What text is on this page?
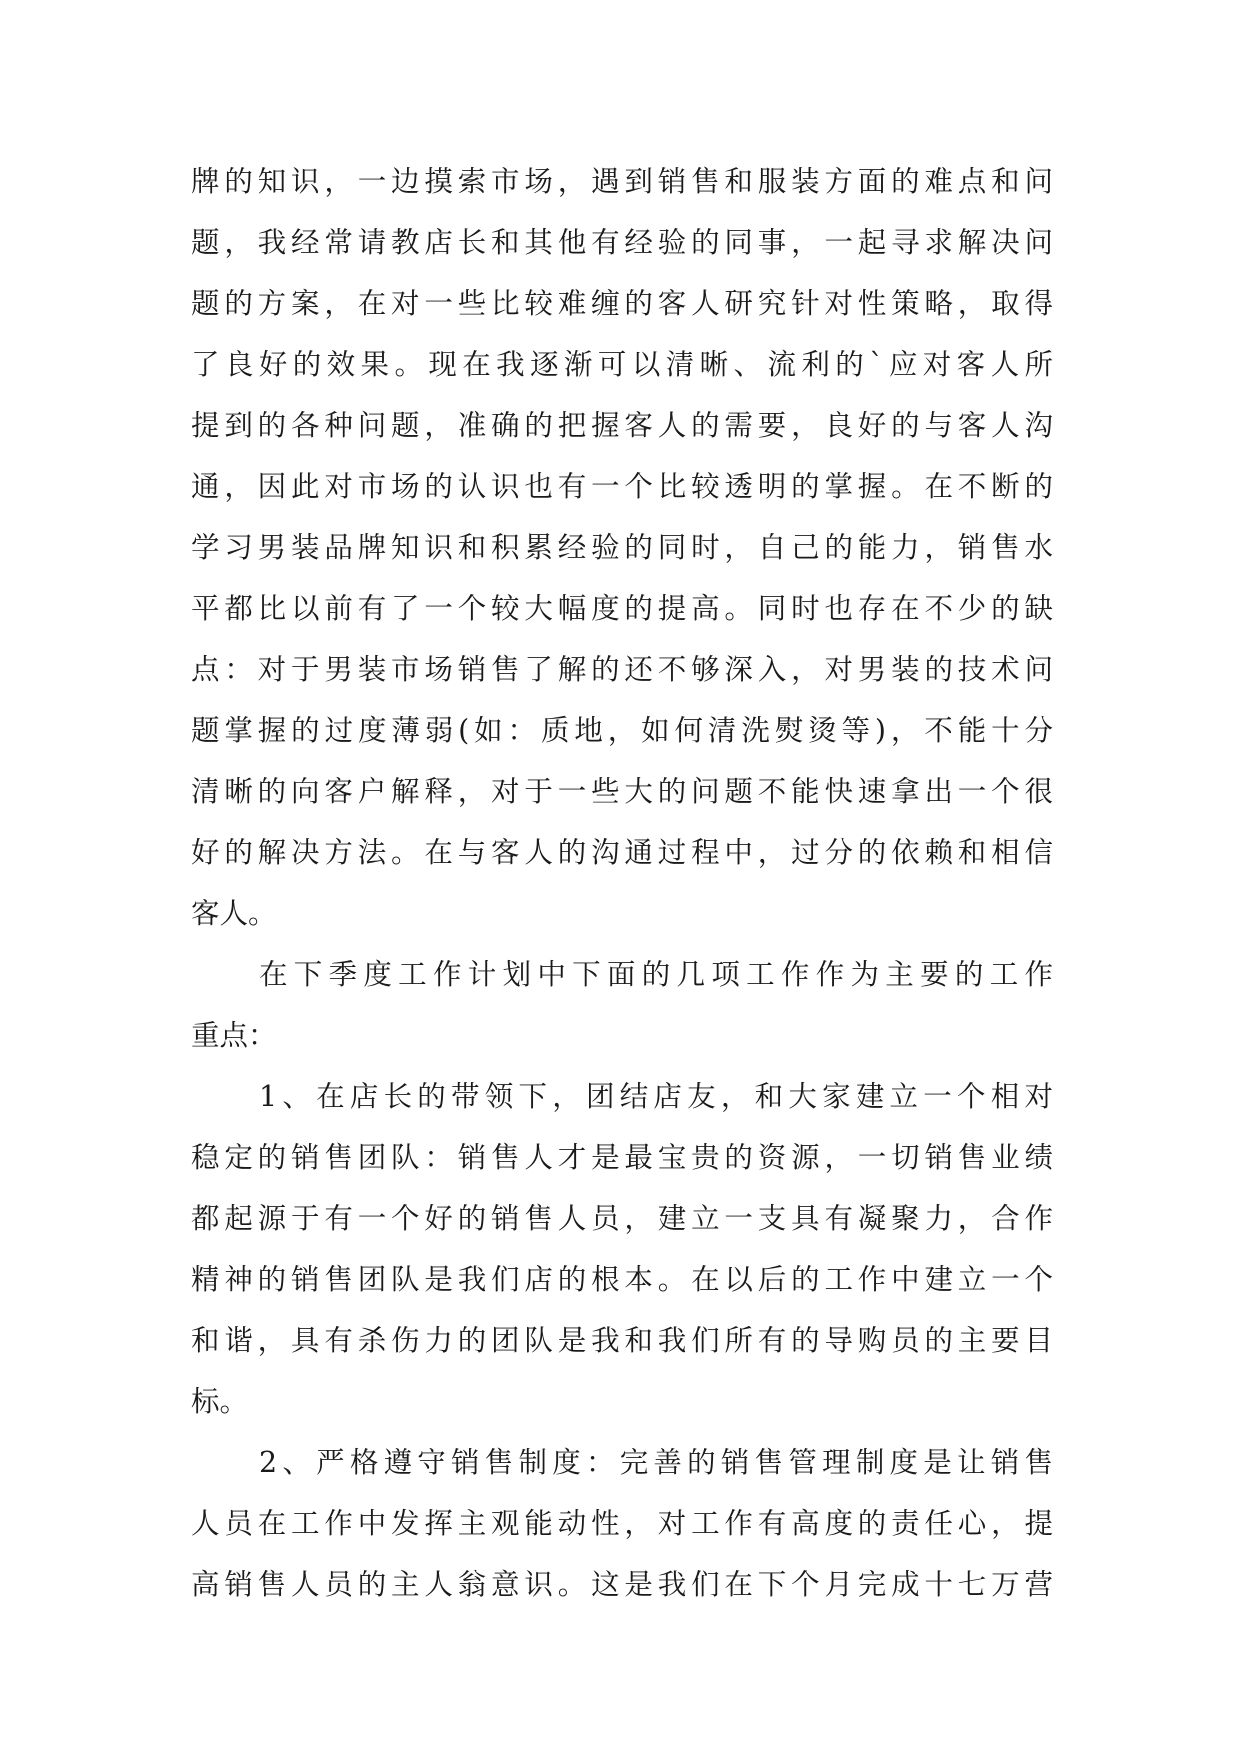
牌的知识，一边摸索市场，遇到销售和服装方面的难点和问
题，我经常请教店长和其他有经验的同事，一起寻求解决问
题的方案，在对一些比较难缠的客人研究针对性策略，取得
了良好的效果。现在我逐渐可以清晰、流利的`应对客人所
提到的各种问题，准确的把握客人的需要，良好的与客人沟
通，因此对市场的认识也有一个比较透明的掌握。在不断的
学习男装品牌知识和积累经验的同时，自己的能力，销售水
平都比以前有了一个较大幅度的提高。同时也存在不少的缺
点：对于男装市场销售了解的还不够深入，对男装的技术问
题掌握的过度薄弱(如：质地，如何清洗熨烫等)，不能十分
清晰的向客户解释，对于一些大的问题不能快速拿出一个很
好的解决方法。在与客人的沟通过程中，过分的依赖和相信
客人。
在下季度工作计划中下面的几项工作作为主要的工作
重点：
1、在店长的带领下，团结店友，和大家建立一个相对
稳定的销售团队：销售人才是最宝贵的资源，一切销售业绩
都起源于有一个好的销售人员，建立一支具有凝聚力，合作
精神的销售团队是我们店的根本。在以后的工作中建立一个
和谐，具有杀伤力的团队是我和我们所有的导购员的主要目
标。
2、严格遵守销售制度：完善的销售管理制度是让销售
人员在工作中发挥主观能动性，对工作有高度的责任心，提
高销售人员的主人翁意识。这是我们在下个月完成十七万营
